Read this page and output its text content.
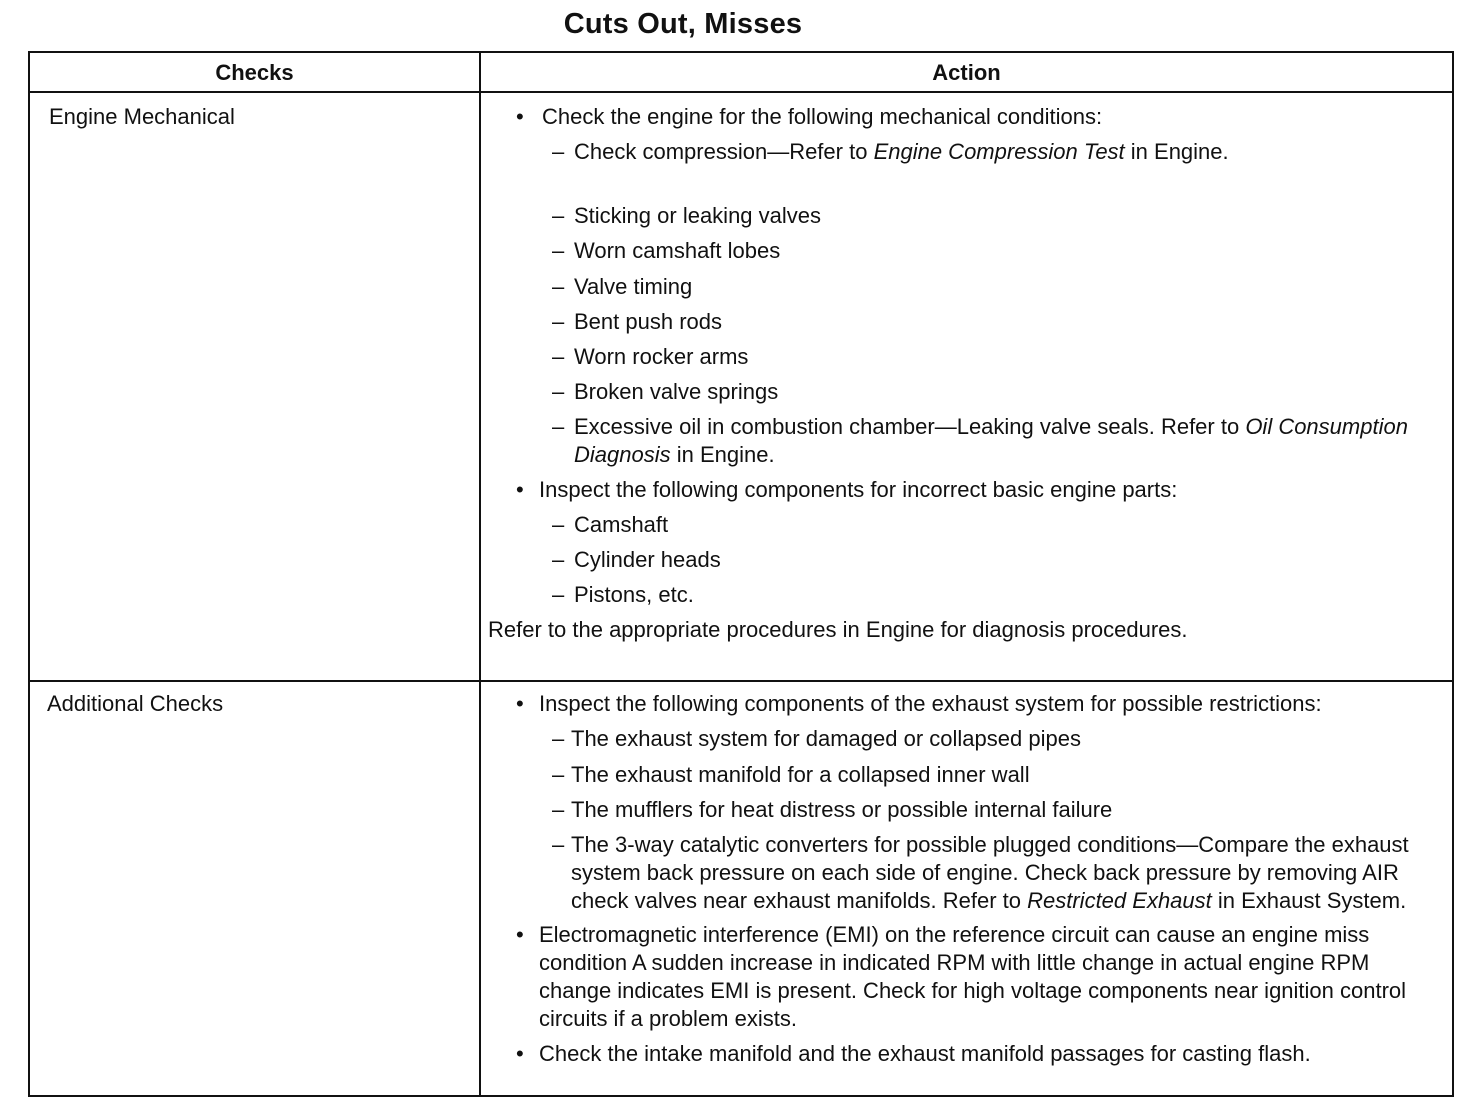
Cuts Out, Misses
Checks	Action
Engine Mechanical	• Check the engine for the following mechanical conditions:
– Check compression—Refer to Engine Compression Test in Engine.
– Sticking or leaking valves
– Worn camshaft lobes
– Valve timing
– Bent push rods
– Worn rocker arms
– Broken valve springs
– Excessive oil in combustion chamber—Leaking valve seals. Refer to Oil Consumption Diagnosis in Engine.
• Inspect the following components for incorrect basic engine parts:
– Camshaft
– Cylinder heads
– Pistons, etc.
Refer to the appropriate procedures in Engine for diagnosis procedures.
Additional Checks	• Inspect the following components of the exhaust system for possible restrictions:
– The exhaust system for damaged or collapsed pipes
– The exhaust manifold for a collapsed inner wall
– The mufflers for heat distress or possible internal failure
– The 3-way catalytic converters for possible plugged conditions—Compare the exhaust system back pressure on each side of engine. Check back pressure by removing AIR check valves near exhaust manifolds. Refer to Restricted Exhaust in Exhaust System.
• Electromagnetic interference (EMI) on the reference circuit can cause an engine miss condition A sudden increase in indicated RPM with little change in actual engine RPM change indicates EMI is present. Check for high voltage components near ignition control circuits if a problem exists.
• Check the intake manifold and the exhaust manifold passages for casting flash.
